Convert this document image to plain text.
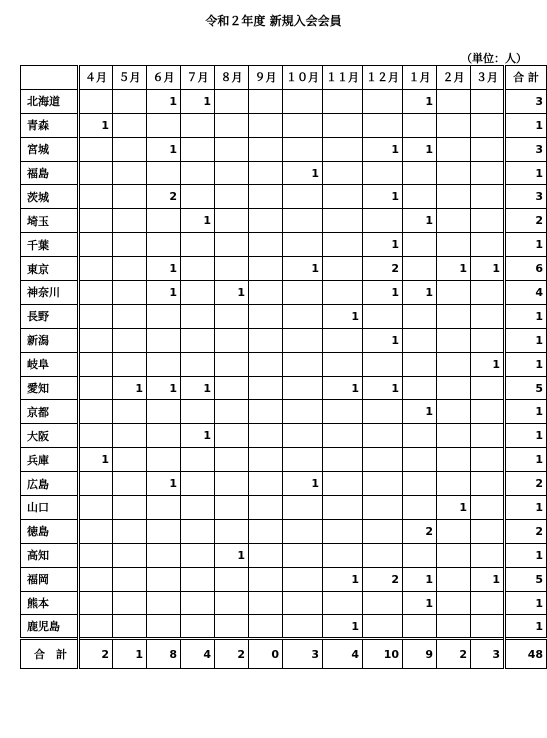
令和２年度 新規入会会員
（単位：人）
	４月	５月	６月	７月	８月	９月	１０月	１１月	１２月	１月	２月	３月	合 計
北海道			1	1						1			3
青森	1												1
宮城			1						1	1			3
福島							1						1
茨城			2						1				3
埼玉				1						1			2
千葉									1				1
東京			1				1		2		1	1	6
神奈川			1		1				1	1			4
長野								1					1
新潟									1				1
岐阜												1	1
愛知		1	1	1				1	1				5
京都										1			1
大阪				1									1
兵庫	1												1
広島			1				1						2
山口											1		1
徳島										2			2
高知					1								1
福岡								1	2	1		1	5
熊本										1			1
鹿児島								1					1
合　計	2	1	8	4	2	0	3	4	10	9	2	3	48
